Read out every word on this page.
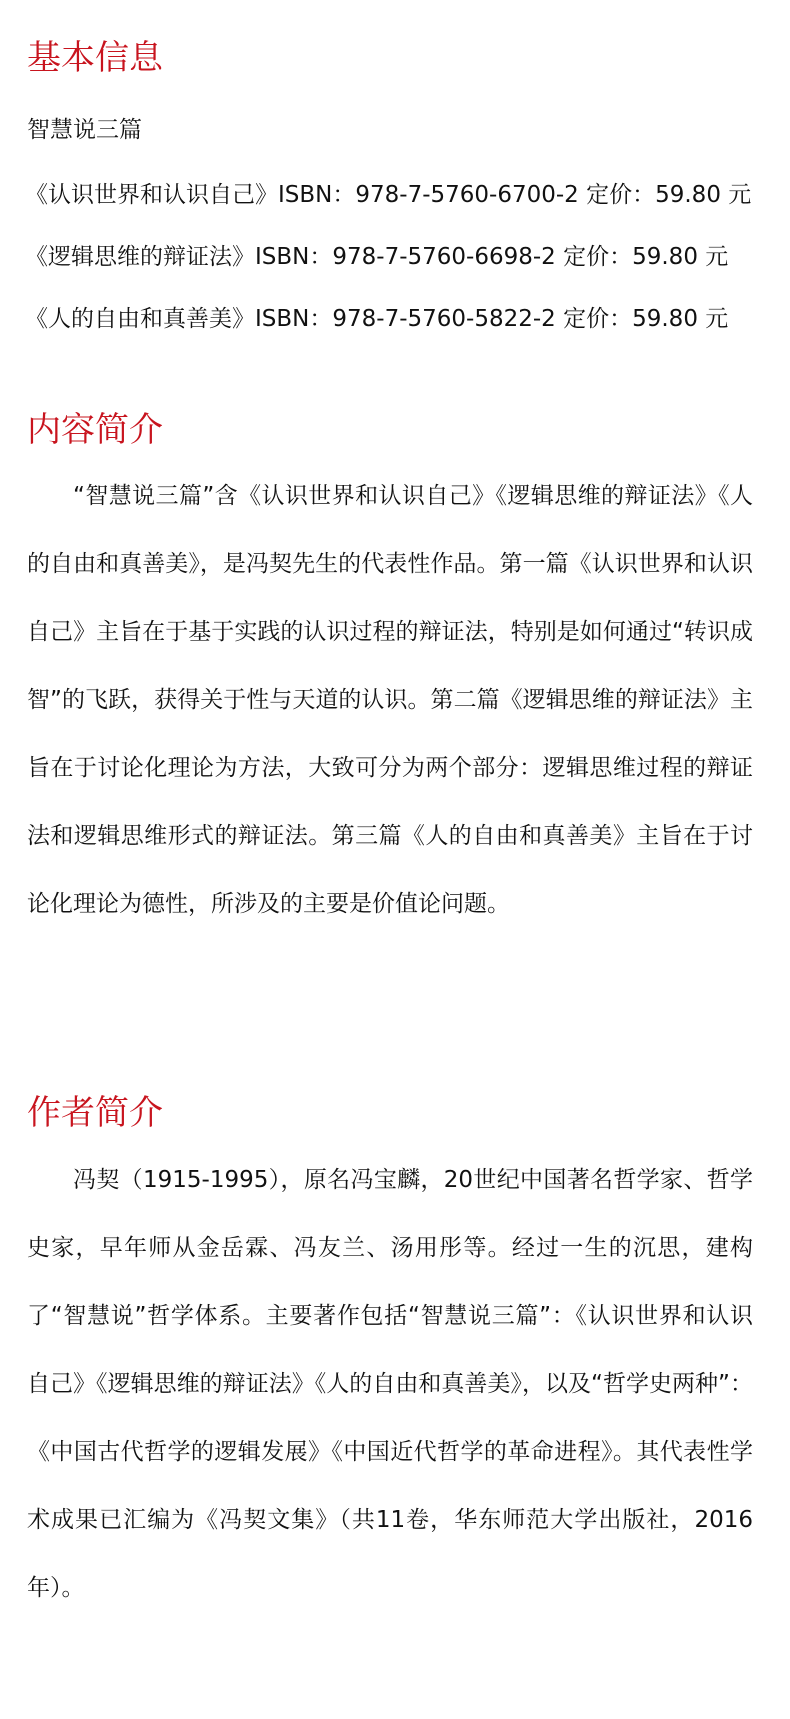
基本信息

智慧说三篇

《认识世界和认识自己》ISBN：978-7-5760-6700-2 定价：59.80 元

《逻辑思维的辩证法》ISBN：978-7-5760-6698-2 定价：59.80 元

《人的自由和真善美》ISBN：978-7-5760-5822-2 定价：59.80 元

内容简介

“智慧说三篇”含《认识世界和认识自己》《逻辑思维的辩证法》《人的自由和真善美》，是冯契先生的代表性作品。第一篇《认识世界和认识自己》主旨在于基于实践的认识过程的辩证法，特别是如何通过“转识成智”的飞跃，获得关于性与天道的认识。第二篇《逻辑思维的辩证法》主旨在于讨论化理论为方法，大致可分为两个部分：逻辑思维过程的辩证法和逻辑思维形式的辩证法。第三篇《人的自由和真善美》主旨在于讨论化理论为德性，所涉及的主要是价值论问题。

作者简介

冯契（1915-1995），原名冯宝麟，20世纪中国著名哲学家、哲学史家，早年师从金岳霖、冯友兰、汤用彤等。经过一生的沉思，建构了“智慧说”哲学体系。主要著作包括“智慧说三篇”：《认识世界和认识自己》《逻辑思维的辩证法》《人的自由和真善美》，以及“哲学史两种”：《中国古代哲学的逻辑发展》《中国近代哲学的革命进程》。其代表性学术成果已汇编为《冯契文集》（共11卷，华东师范大学出版社，2016年）。
